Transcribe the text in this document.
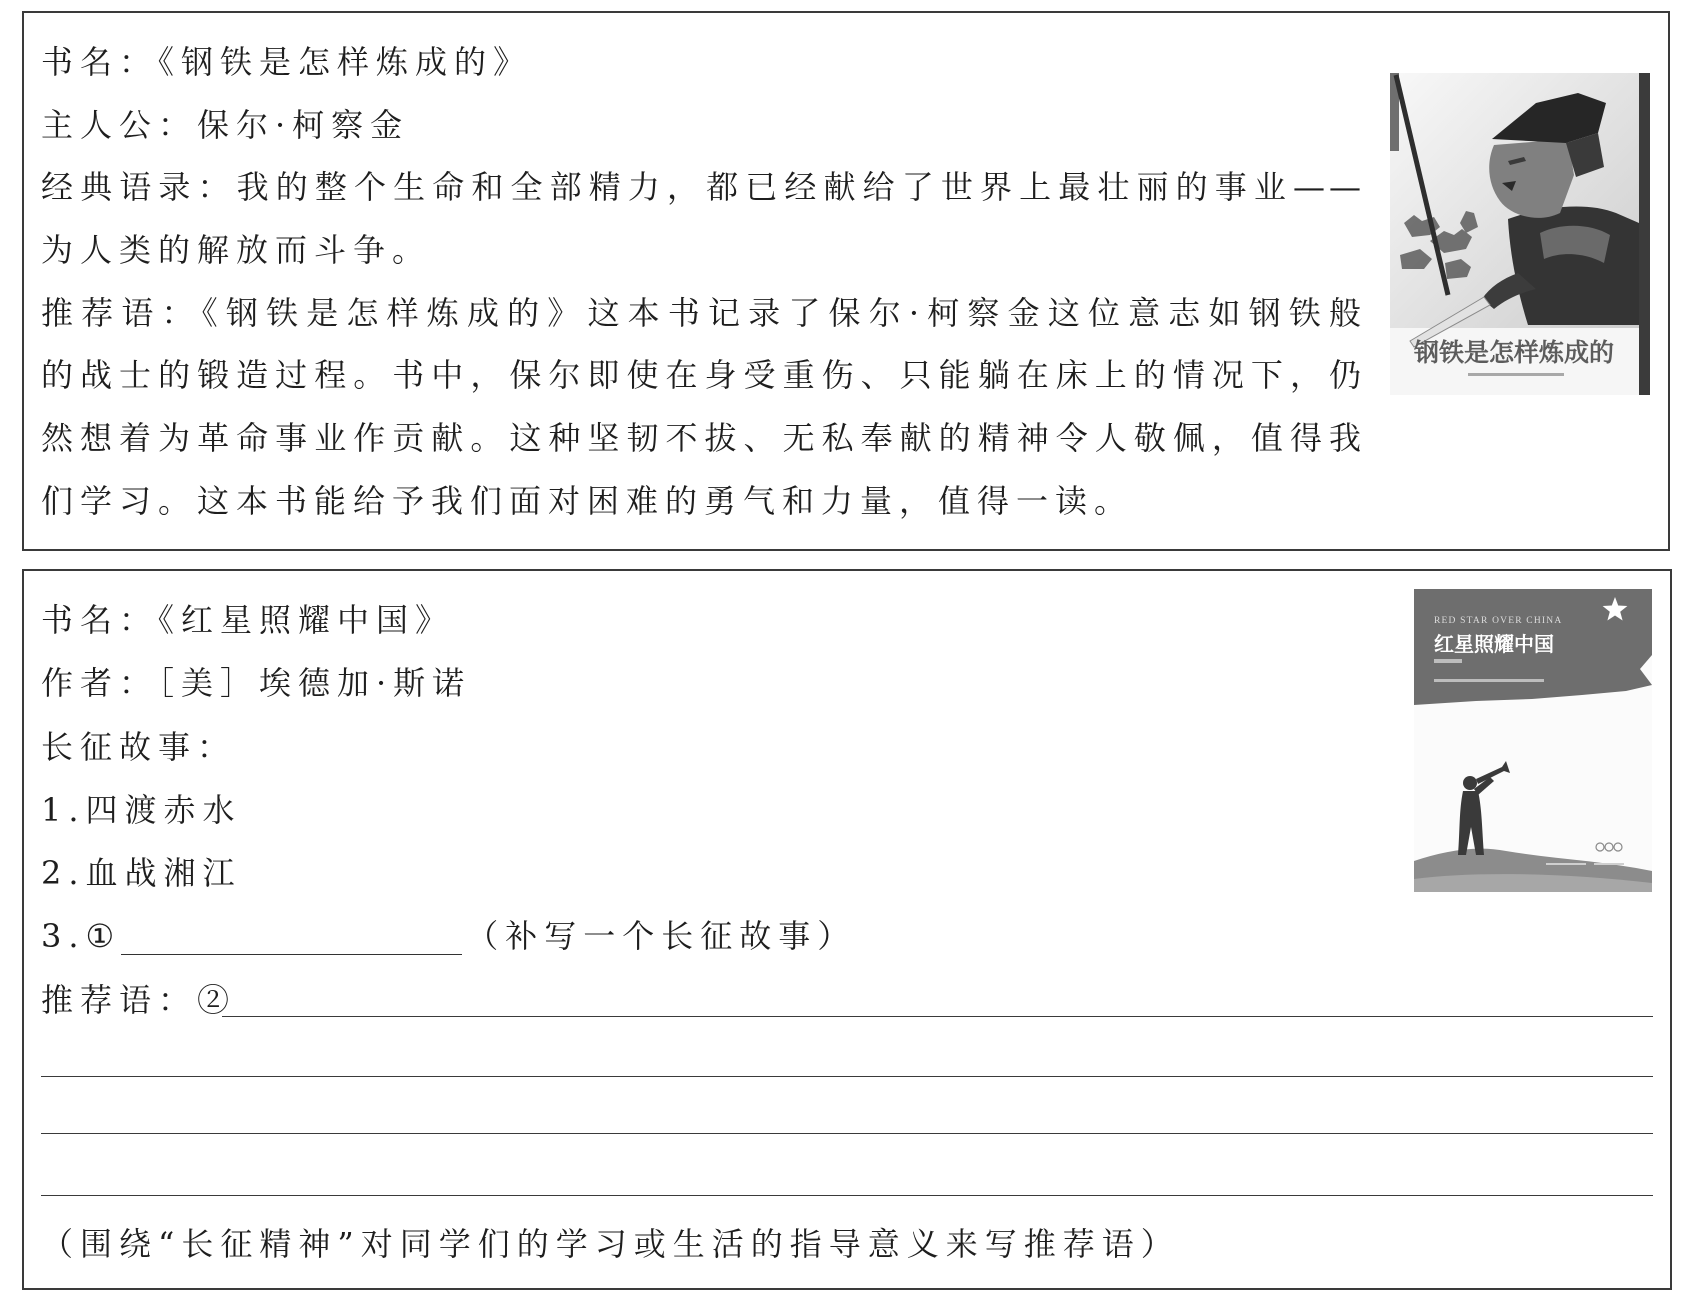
书名：《钢铁是怎样炼成的》
主人公：保尔·柯察金
经典语录：我的整个生命和全部精力，都已经献给了世界上最壮丽的事业——
为人类的解放而斗争。
推荐语：《钢铁是怎样炼成的》这本书记录了保尔·柯察金这位意志如钢铁般
的战士的锻造过程。书中，保尔即使在身受重伤、只能躺在床上的情况下，仍
然想着为革命事业作贡献。这种坚韧不拔、无私奉献的精神令人敬佩，值得我
们学习。这本书能给予我们面对困难的勇气和力量，值得一读。
钢铁是怎样炼成的
书名：《红星照耀中国》
作者：［美］埃德加·斯诺
长征故事：
1.四渡赤水
2.血战湘江
3.①	（补写一个长征故事）
推荐语：②
（围绕“长征精神”对同学们的学习或生活的指导意义来写推荐语）
RED STAR OVER CHINA
红星照耀中国
